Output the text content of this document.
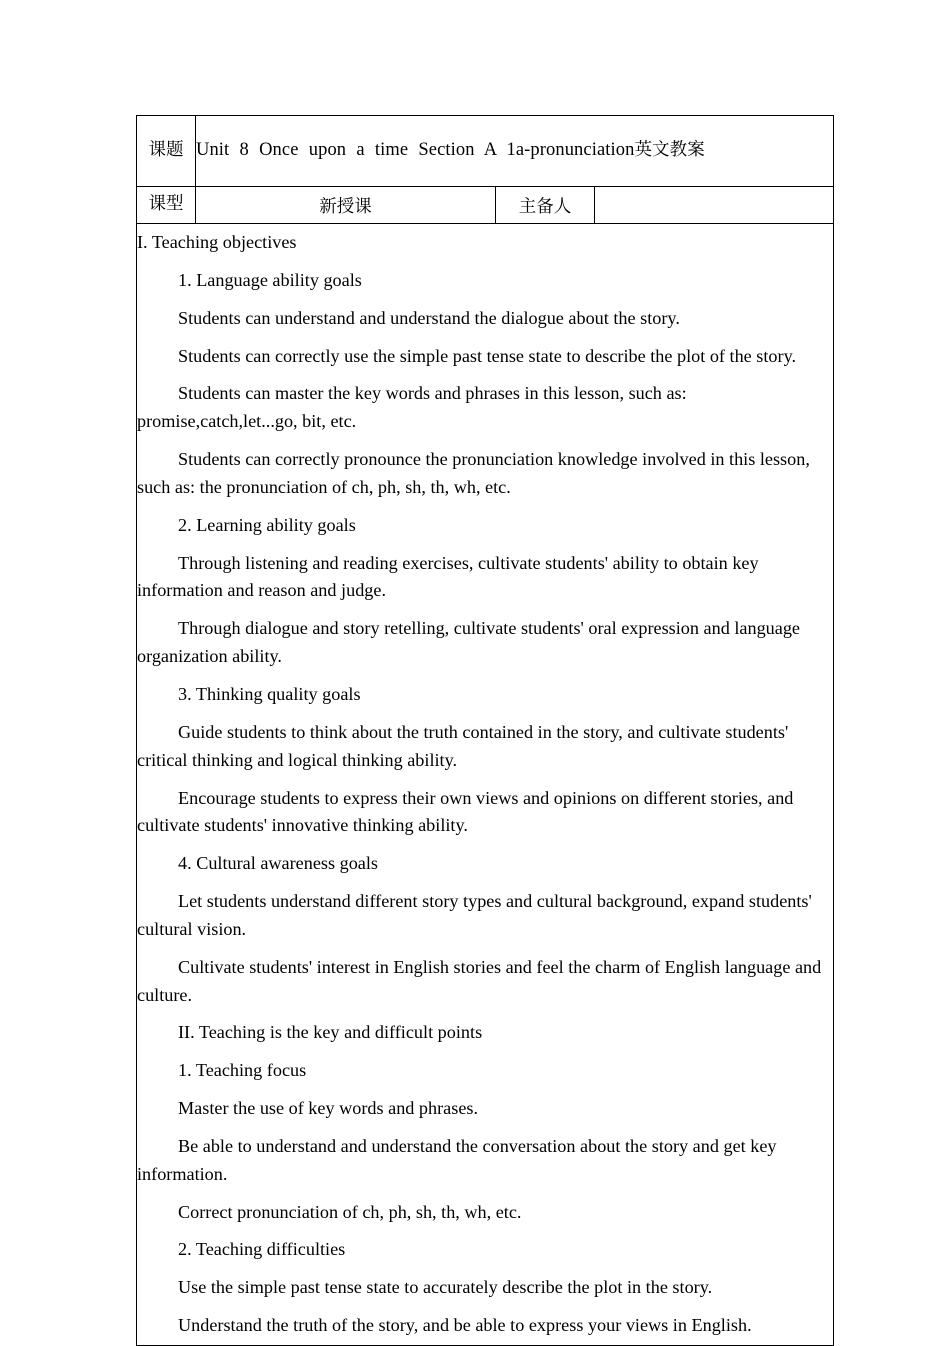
课题	Unit 8 Once upon a time Section A 1a-pronunciation英文教案		
课型	新授课	主备人	

I. Teaching objectives

1. Language ability goals

Students can understand and understand the dialogue about the story.

Students can correctly use the simple past tense state to describe the plot of the story.

Students can master the key words and phrases in this lesson, such as: promise,catch,let...go, bit, etc.

Students can correctly pronounce the pronunciation knowledge involved in this lesson, such as: the pronunciation of ch, ph, sh, th, wh, etc.

2. Learning ability goals

Through listening and reading exercises, cultivate students' ability to obtain key information and reason and judge.

Through dialogue and story retelling, cultivate students' oral expression and language organization ability.

3. Thinking quality goals

Guide students to think about the truth contained in the story, and cultivate students' critical thinking and logical thinking ability.

Encourage students to express their own views and opinions on different stories, and cultivate students' innovative thinking ability.

4. Cultural awareness goals

Let students understand different story types and cultural background, expand students' cultural vision.

Cultivate students' interest in English stories and feel the charm of English language and culture.

II. Teaching is the key and difficult points

1. Teaching focus

Master the use of key words and phrases.

Be able to understand and understand the conversation about the story and get key information.

Correct pronunciation of ch, ph, sh, th, wh, etc.

2. Teaching difficulties

Use the simple past tense state to accurately describe the plot in the story.

Understand the truth of the story, and be able to express your views in English.
